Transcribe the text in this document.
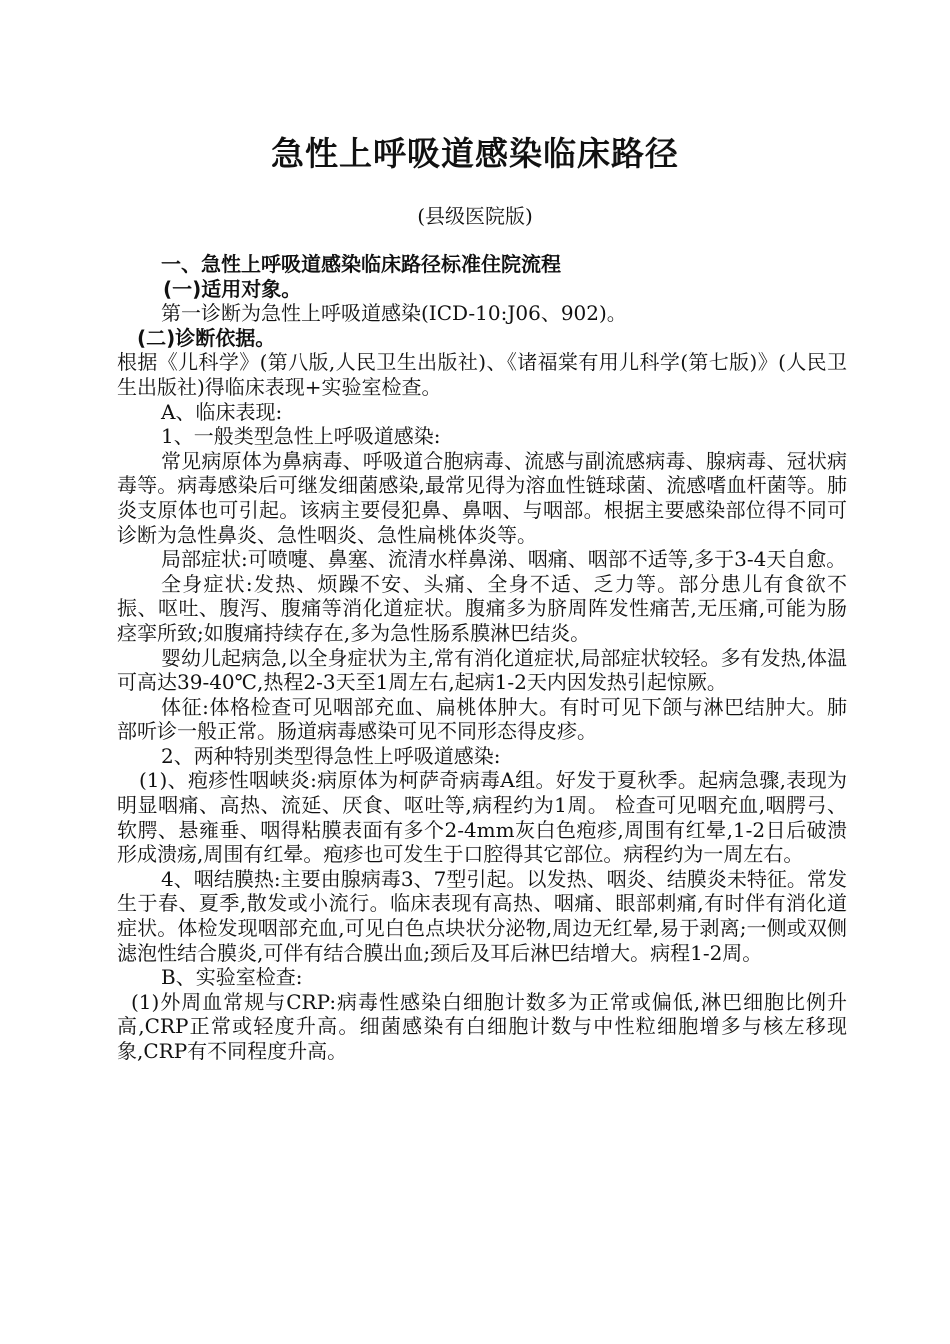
急性上呼吸道感染临床路径
(县级医院版)

一、急性上呼吸道感染临床路径标准住院流程

(一)适用对象。

第一诊断为急性上呼吸道感染(ICD-10:J06、902)。

(二)诊断依据。

根据《儿科学》(第八版,人民卫生出版社)、《诸福棠有用儿科学(第七版)》(人民卫生出版社)得临床表现+实验室检查。

A、临床表现:

1、一般类型急性上呼吸道感染:

常见病原体为鼻病毒、呼吸道合胞病毒、流感与副流感病毒、腺病毒、冠状病毒等。病毒感染后可继发细菌感染,最常见得为溶血性链球菌、流感嗜血杆菌等。肺炎支原体也可引起。该病主要侵犯鼻、鼻咽、与咽部。根据主要感染部位得不同可诊断为急性鼻炎、急性咽炎、急性扁桃体炎等。

局部症状:可喷嚏、鼻塞、流清水样鼻涕、咽痛、咽部不适等,多于3-4天自愈。

全身症状:发热、烦躁不安、头痛、全身不适、乏力等。部分患儿有食欲不振、呕吐、腹泻、腹痛等消化道症状。腹痛多为脐周阵发性痛苦,无压痛,可能为肠痉挛所致;如腹痛持续存在,多为急性肠系膜淋巴结炎。

婴幼儿起病急,以全身症状为主,常有消化道症状,局部症状较轻。多有发热,体温可高达39-40℃,热程2-3天至1周左右,起病1-2天内因发热引起惊厥。

体征:体格检查可见咽部充血、扁桃体肿大。有时可见下颌与淋巴结肿大。肺部听诊一般正常。肠道病毒感染可见不同形态得皮疹。

2、两种特别类型得急性上呼吸道感染:

(1)、疱疹性咽峡炎:病原体为柯萨奇病毒A组。好发于夏秋季。起病急骤,表现为明显咽痛、高热、流延、厌食、呕吐等,病程约为1周。 检查可见咽充血,咽腭弓、软腭、悬雍垂、咽得粘膜表面有多个2-4mm灰白色疱疹,周围有红晕,1-2日后破溃形成溃疡,周围有红晕。疱疹也可发生于口腔得其它部位。病程约为一周左右。

4、咽结膜热:主要由腺病毒3、7型引起。以发热、咽炎、结膜炎未特征。常发生于春、夏季,散发或小流行。临床表现有高热、咽痛、眼部刺痛,有时伴有消化道症状。体检发现咽部充血,可见白色点块状分泌物,周边无红晕,易于剥离;一侧或双侧滤泡性结合膜炎,可伴有结合膜出血;颈后及耳后淋巴结增大。病程1-2周。

B、实验室检查:

(1)外周血常规与CRP:病毒性感染白细胞计数多为正常或偏低,淋巴细胞比例升高,CRP正常或轻度升高。细菌感染有白细胞计数与中性粒细胞增多与核左移现象,CRP有不同程度升高。
